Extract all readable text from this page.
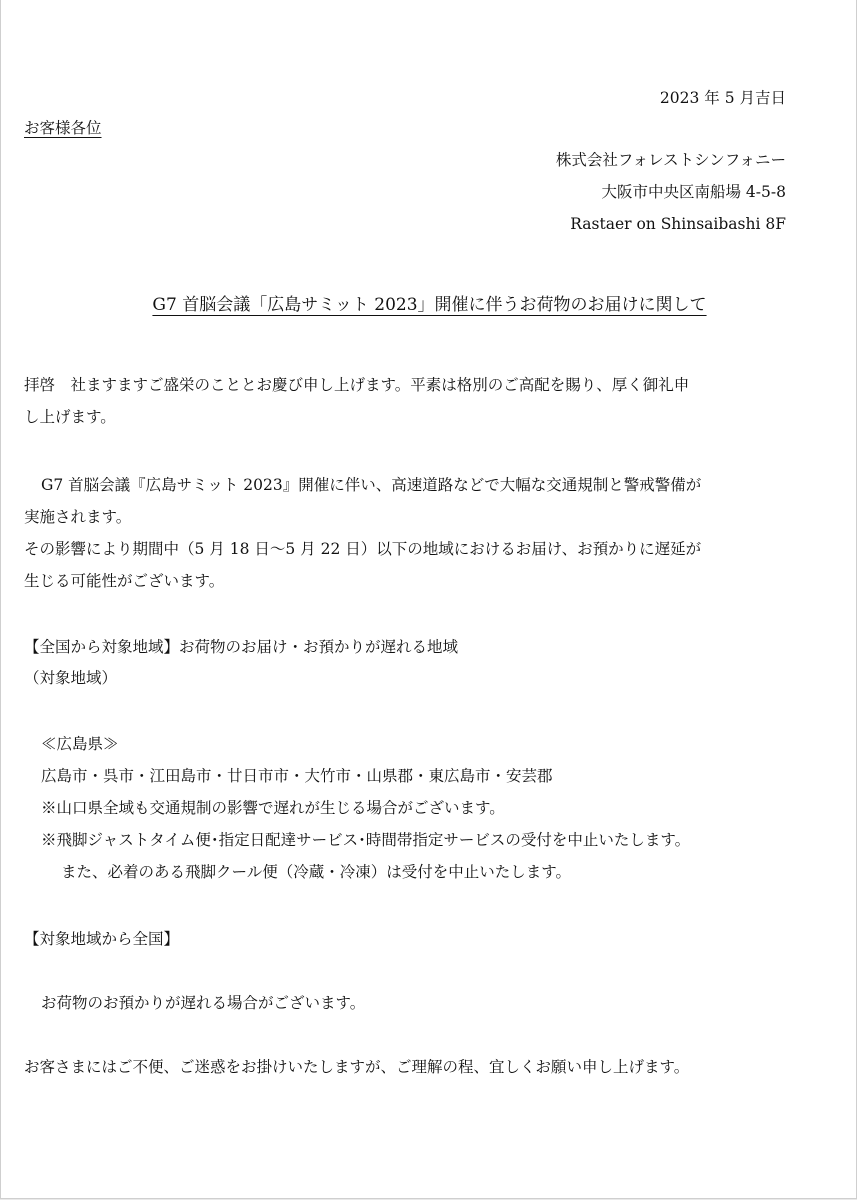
2023 年 5 月吉日
お客様各位
株式会社フォレストシンフォニー
大阪市中央区南船場 4-5-8
Rastaer on Shinsaibashi 8F
G7 首脳会議「広島サミット 2023」開催に伴うお荷物のお届けに関して
拝啓　社ますますご盛栄のこととお慶び申し上げます。平素は格別のご高配を賜り、厚く御礼申
し上げます。
G7 首脳会議『広島サミット 2023』開催に伴い、高速道路などで大幅な交通規制と警戒警備が
実施されます。
その影響により期間中（5 月 18 日〜5 月 22 日）以下の地域におけるお届け、お預かりに遅延が
生じる可能性がございます。
【全国から対象地域】お荷物のお届け・お預かりが遅れる地域
（対象地域）
≪広島県≫
広島市・呉市・江田島市・廿日市市・大竹市・山県郡・東広島市・安芸郡
※山口県全域も交通規制の影響で遅れが生じる場合がございます。
※飛脚ジャストタイム便･指定日配達サービス･時間帯指定サービスの受付を中止いたします。
また、必着のある飛脚クール便（冷蔵・冷凍）は受付を中止いたします。
【対象地域から全国】
お荷物のお預かりが遅れる場合がございます。
お客さまにはご不便、ご迷惑をお掛けいたしますが、ご理解の程、宜しくお願い申し上げます。
